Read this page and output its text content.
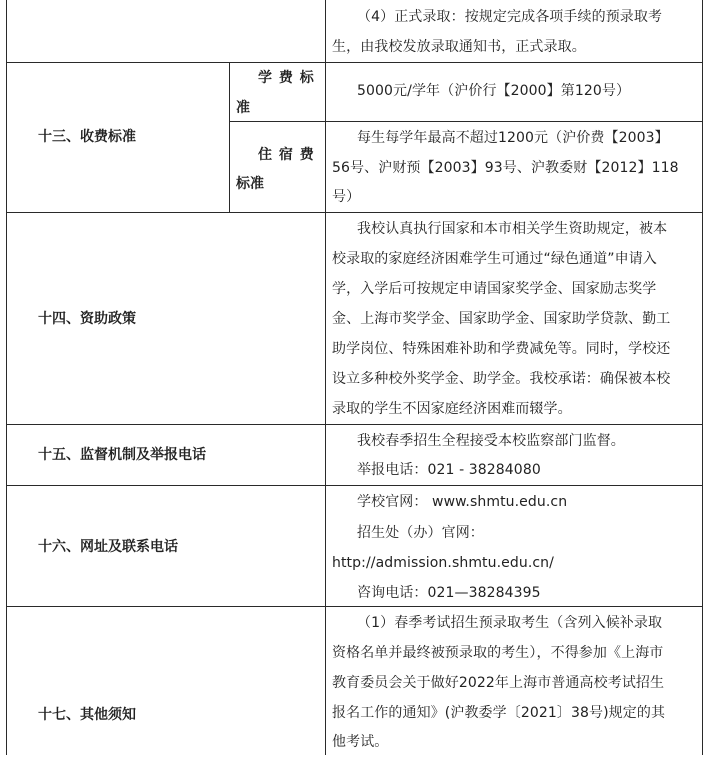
（4）正式录取：按规定完成各项手续的预录取考
生，由我校发放录取通知书，正式录取。
十三、收费标准
学 费 标
准
5000元/学年（沪价行【2000】第120号）
住 宿 费
标准
每生每学年最高不超过1200元（沪价费【2003】
56号、沪财预【2003】93号、沪教委财【2012】118
号）
十四、资助政策
我校认真执行国家和本市相关学生资助规定，被本
校录取的家庭经济困难学生可通过“绿色通道”申请入
学，入学后可按规定申请国家奖学金、国家励志奖学
金、上海市奖学金、国家助学金、国家助学贷款、勤工
助学岗位、特殊困难补助和学费减免等。同时，学校还
设立多种校外奖学金、助学金。我校承诺：确保被本校
录取的学生不因家庭经济困难而辍学。
十五、监督机制及举报电话
我校春季招生全程接受本校监察部门监督。
举报电话：021 - 38284080
十六、网址及联系电话
学校官网： www.shmtu.edu.cn
招生处（办）官网：
http://admission.shmtu.edu.cn/
咨询电话：021—38284395
十七、其他须知
（1）春季考试招生预录取考生（含列入候补录取
资格名单并最终被预录取的考生），不得参加《上海市
教育委员会关于做好2022年上海市普通高校考试招生
报名工作的通知》(沪教委学〔2021〕38号)规定的其
他考试。
